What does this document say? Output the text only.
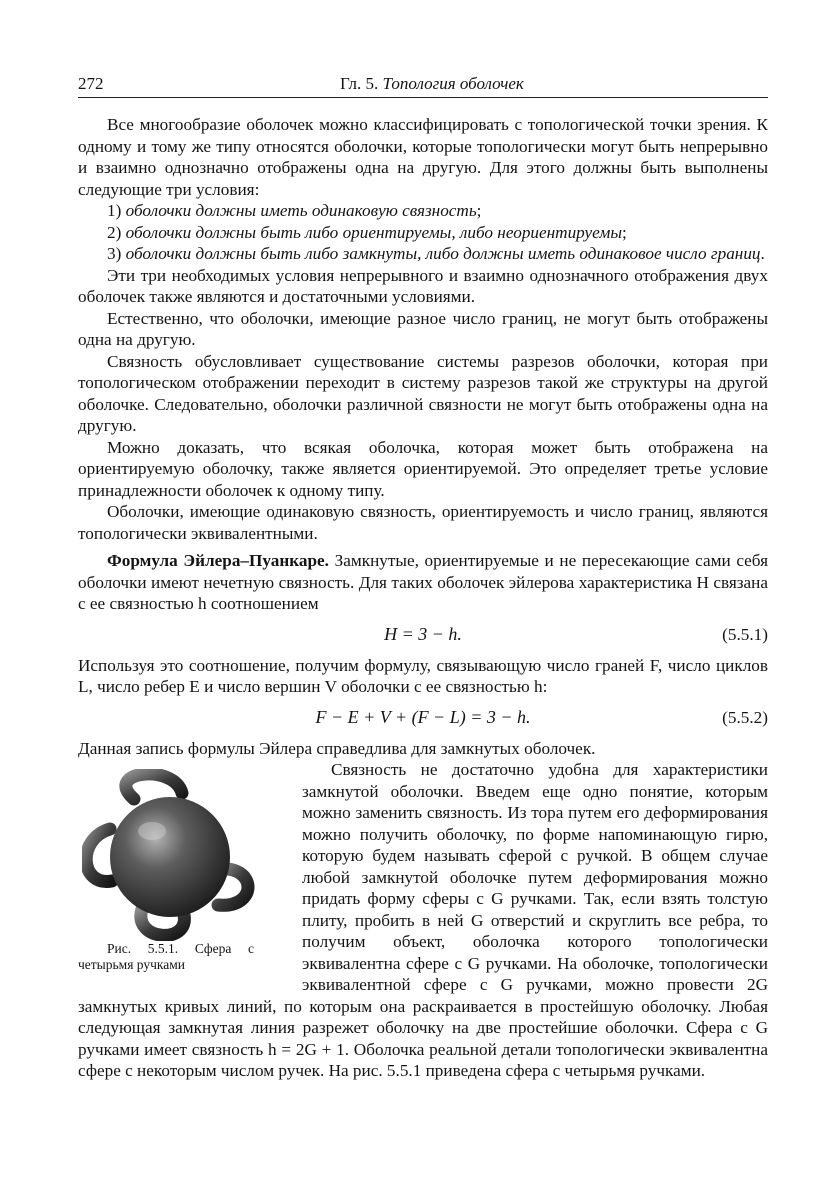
272	Гл. 5. Топология оболочек

Все многообразие оболочек можно классифицировать с топологической точки зрения. К одному и тому же типу относятся оболочки, которые топологически могут быть непрерывно и взаимно однозначно отображены одна на другую. Для этого должны быть выполнены следующие три условия:

1) оболочки должны иметь одинаковую связность;

2) оболочки должны быть либо ориентируемы, либо неориентируемы;

3) оболочки должны быть либо замкнуты, либо должны иметь одинаковое число границ.

Эти три необходимых условия непрерывного и взаимно однозначного отображения двух оболочек также являются и достаточными условиями.

Естественно, что оболочки, имеющие разное число границ, не могут быть отображены одна на другую.

Связность обусловливает существование системы разрезов оболочки, которая при топологическом отображении переходит в систему разрезов такой же структуры на другой оболочке. Следовательно, оболочки различной связности не могут быть отображены одна на другую.

Можно доказать, что всякая оболочка, которая может быть отображена на ориентируемую оболочку, также является ориентируемой. Это определяет третье условие принадлежности оболочек к одному типу.

Оболочки, имеющие одинаковую связность, ориентируемость и число границ, являются топологически эквивалентными.

Формула Эйлера–Пуанкаре. Замкнутые, ориентируемые и не пересекающие сами себя оболочки имеют нечетную связность. Для таких оболочек эйлерова характеристика H связана с ее связностью h соотношением

H = 3 − h.	(5.5.1)

Используя это соотношение, получим формулу, связывающую число граней F, число циклов L, число ребер E и число вершин V оболочки с ее связностью h:

F − E + V + (F − L) = 3 − h.	(5.5.2)

Данная запись формулы Эйлера справедлива для замкнутых оболочек.

Рис. 5.5.1. Сфера с четырьмя ручками
Связность не достаточно удобна для характеристики замкнутой оболочки. Введем еще одно понятие, которым можно заменить связность. Из тора путем его деформирования можно получить оболочку, по форме напоминающую гирю, которую будем называть сферой с ручкой. В общем случае любой замкнутой оболочке путем деформирования можно придать форму сферы с G ручками. Так, если взять толстую плиту, пробить в ней G отверстий и скруглить все ребра, то получим объект, оболочка которого топологически эквивалентна сфере с G ручками. На оболочке, топологически эквивалентной сфере с G ручками, можно провести 2G замкнутых кривых линий, по которым она раскраивается в простейшую оболочку. Любая следующая замкнутая линия разрежет оболочку на две простейшие оболочки. Сфера с G ручками имеет связность h = 2G + 1. Оболочка реальной детали топологически эквивалентна сфере с некоторым числом ручек. На рис. 5.5.1 приведена сфера с четырьмя ручками.
